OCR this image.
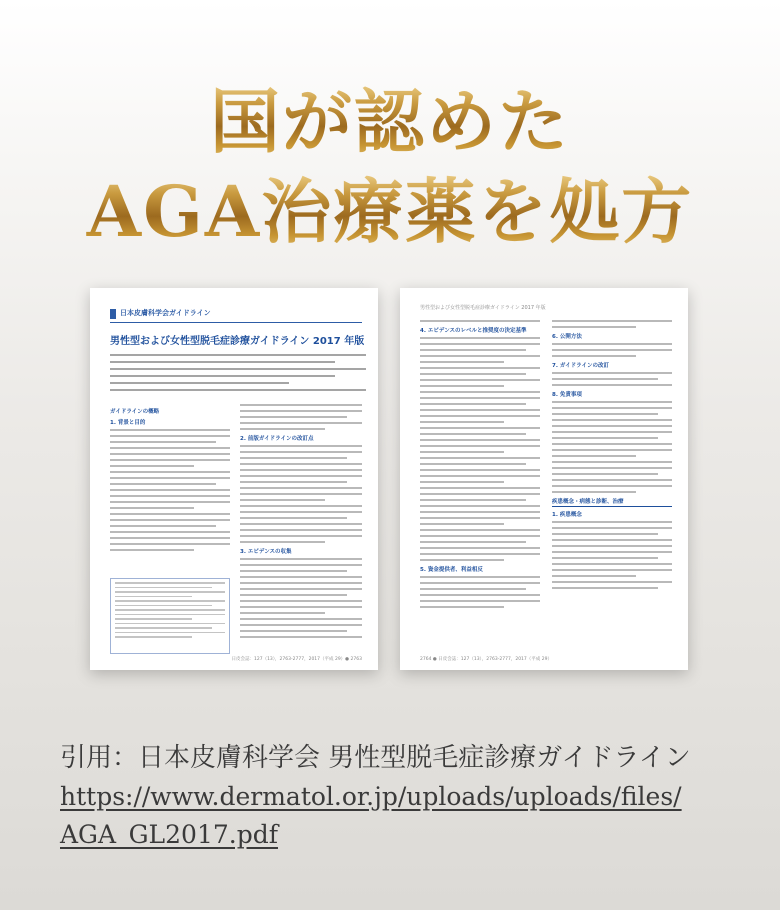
国が認めた
AGA治療薬を処方
日本皮膚科学会ガイドライン
男性型および女性型脱毛症診療ガイドライン 2017 年版
ガイドラインの概略
1. 背景と目的
2. 前版ガイドラインの改訂点
3. エビデンスの収集
日皮会誌：127（13），2763-2777，2017（平成 29）● 2763
男性型および女性型脱毛症診療ガイドライン 2017 年版
4. エビデンスのレベルと推奨度の決定基準
5. 資金提供者、利益相反
6. 公開方法
7. ガイドラインの改訂
8. 免責事項
疾患概念・病態と診断、治療
1. 疾患概念
2764 ● 日皮会誌：127（13），2763-2777，2017（平成 29）
引用：日本皮膚科学会 男性型脱毛症診療ガイドライン
https://www.dermatol.or.jp/uploads/uploads/files/
AGA_GL2017.pdf
